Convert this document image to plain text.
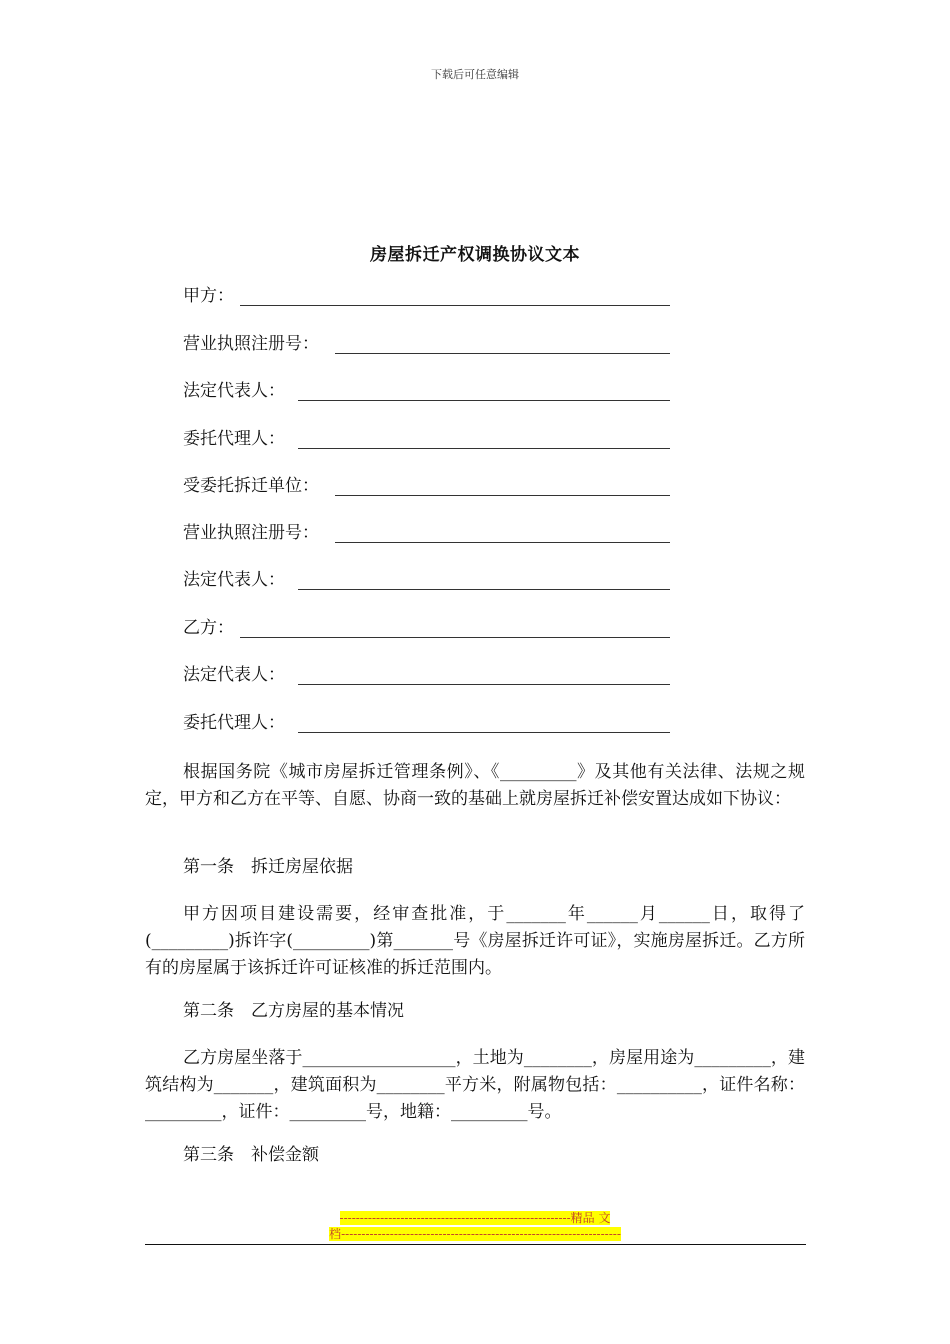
下载后可任意编辑
房屋拆迁产权调换协议文本
甲方：
营业执照注册号：
法定代表人：
委托代理人：
受委托拆迁单位：
营业执照注册号：
法定代表人：
乙方：
法定代表人：
委托代理人：
根据国务院《城市房屋拆迁管理条例》、《_________》及其他有关法律、法规之规定，甲方和乙方在平等、自愿、协商一致的基础上就房屋拆迁补偿安置达成如下协议：
第一条　拆迁房屋依据
甲方因项目建设需要，经审查批准，于_______年______月______日，取得了(_________)拆许字(_________)第_______号《房屋拆迁许可证》，实施房屋拆迁。乙方所有的房屋属于该拆迁许可证核准的拆迁范围内。
第二条　乙方房屋的基本情况
乙方房屋坐落于__________________，土地为________，房屋用途为_________，建筑结构为_______，建筑面积为________平方米，附属物包括：__________，证件名称：_________，证件：_________号，地籍：_________号。
第三条　补偿金额
---------------------------------------------------------精品 文
档---------------------------------------------------------------------
